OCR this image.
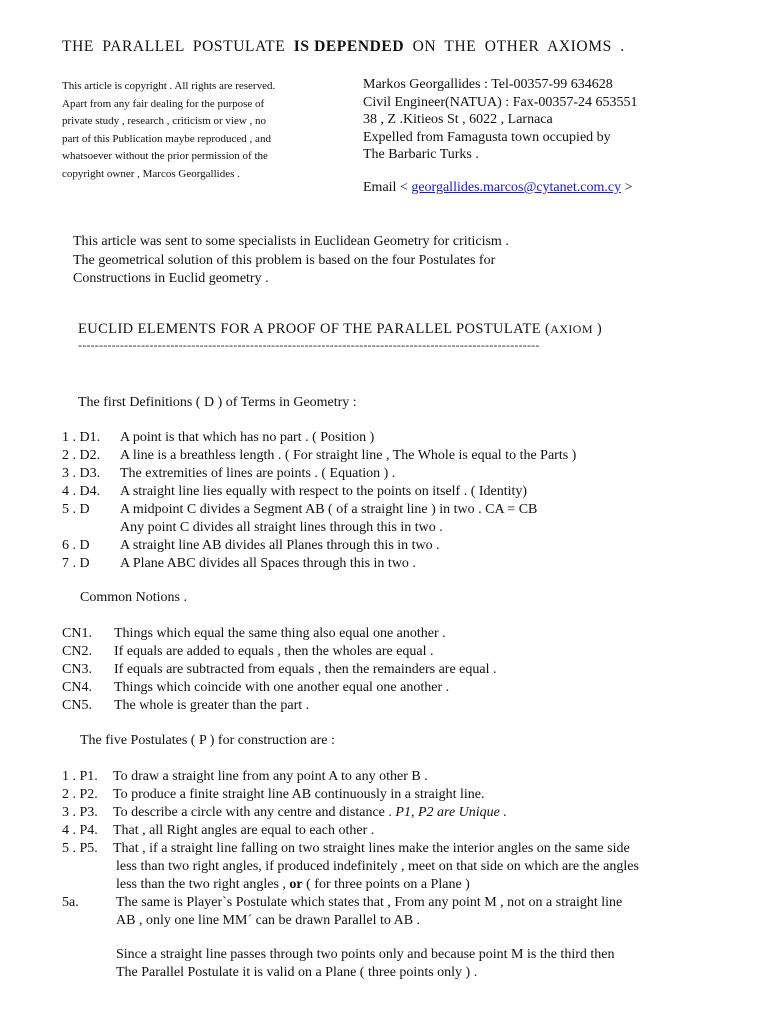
THE PARALLEL POSTULATE IS DEPENDED ON THE OTHER AXIOMS .
This article is copyright . All rights are reserved.
Apart from any fair dealing for the purpose of
private study , research , criticism or view , no
part of this Publication maybe reproduced , and
whatsoever without the prior permission of the
copyright owner , Marcos Georgallides .
Markos Georgallides : Tel-00357-99 634628
Civil Engineer(NATUA) : Fax-00357-24 653551
38 , Z .Kitieos St , 6022 , Larnaca
Expelled from Famagusta town occupied by
The Barbaric Turks .
Email < georgallides.marcos@cytanet.com.cy >
This article was sent to some specialists in Euclidean Geometry for criticism .
The geometrical solution of this problem is based on the four Postulates for
Constructions in Euclid geometry .
EUCLID ELEMENTS FOR A PROOF OF THE PARALLEL POSTULATE (AXIOM )
--------------------------------------------------------------------------------------------------------------
The first Definitions ( D ) of Terms in Geometry :
1 . D1. A point is that which has no part . ( Position )
2 . D2. A line is a breathless length . ( For straight line , The Whole is equal to the Parts )
3 . D3. The extremities of lines are points . ( Equation ) .
4 . D4. A straight line lies equally with respect to the points on itself . ( Identity)
5 . D A midpoint C divides a Segment AB ( of a straight line ) in two . CA = CB
Any point C divides all straight lines through this in two .
6 . D A straight line AB divides all Planes through this in two .
7 . D A Plane ABC divides all Spaces through this in two .
Common Notions .
CN1. Things which equal the same thing also equal one another .
CN2. If equals are added to equals , then the wholes are equal .
CN3. If equals are subtracted from equals , then the remainders are equal .
CN4. Things which coincide with one another equal one another .
CN5. The whole is greater than the part .
The five Postulates ( P ) for construction are :
1 . P1. To draw a straight line from any point A to any other B .
2 . P2. To produce a finite straight line AB continuously in a straight line.
3 . P3. To describe a circle with any centre and distance . P1, P2 are Unique .
4 . P4. That , all Right angles are equal to each other .
5 . P5. That , if a straight line falling on two straight lines make the interior angles on the same side
less than two right angles, if produced indefinitely , meet on that side on which are the angles
less than the two right angles , or ( for three points on a Plane )
5a.	The same is Player`s Postulate which states that , From any point M , not on a straight line
AB , only one line MM´ can be drawn Parallel to AB .
Since a straight line passes through two points only and because point M is the third then
The Parallel Postulate it is valid on a Plane ( three points only ) .
